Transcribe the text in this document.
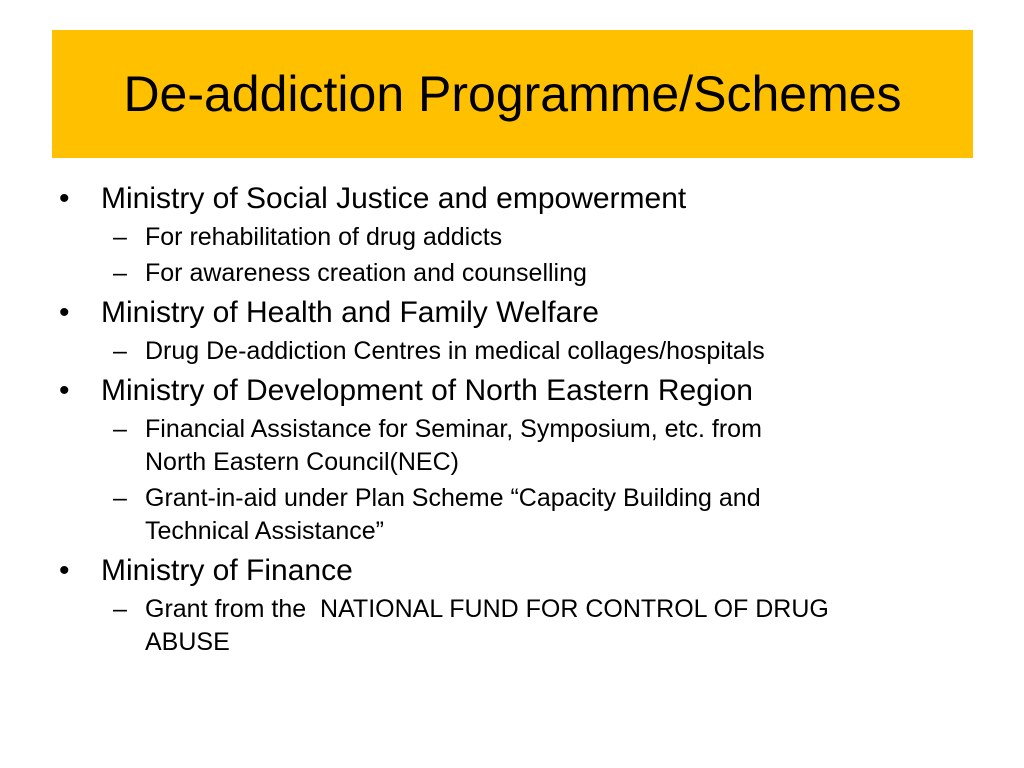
De-addiction Programme/Schemes
•	Ministry of Social Justice and empowerment
– For rehabilitation of drug addicts
– For awareness creation and counselling
•	Ministry of Health and Family Welfare
– Drug De-addiction Centres in medical collages/hospitals
•	Ministry of Development of North Eastern Region
– Financial Assistance for Seminar, Symposium, etc. from
North Eastern Council(NEC)
– Grant-in-aid under Plan Scheme “Capacity Building and
Technical Assistance”
•	Ministry of Finance
– Grant from the  NATIONAL FUND FOR CONTROL OF DRUG
ABUSE
